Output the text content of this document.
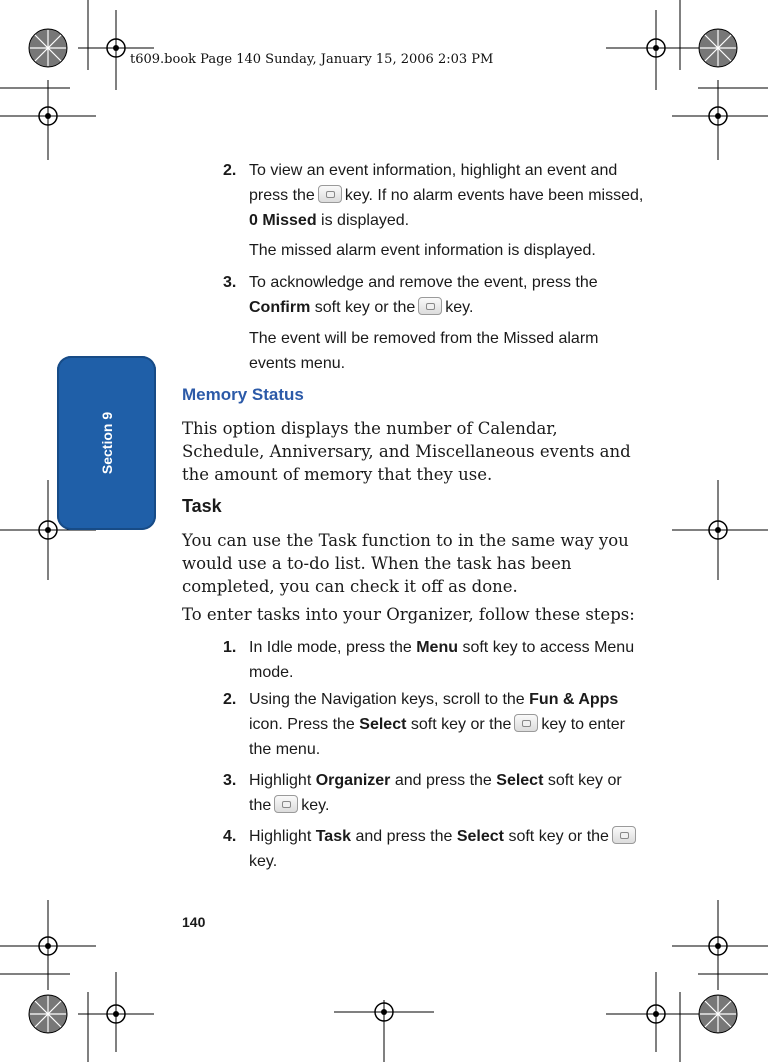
t609.book Page 140 Sunday, January 15, 2006 2:03 PM
Section 9
2. To view an event information, highlight an event and press the key. If no alarm events have been missed, 0 Missed is displayed.
The missed alarm event information is displayed.
3. To acknowledge and remove the event, press the Confirm soft key or the key.
The event will be removed from the Missed alarm events menu.
Memory Status
This option displays the number of Calendar, Schedule, Anniversary, and Miscellaneous events and the amount of memory that they use.
Task
You can use the Task function to in the same way you would use a to-do list. When the task has been completed, you can check it off as done.
To enter tasks into your Organizer, follow these steps:
1. In Idle mode, press the Menu soft key to access Menu mode.
2. Using the Navigation keys, scroll to the Fun & Apps icon. Press the Select soft key or the key to enter the menu.
3. Highlight Organizer and press the Select soft key or the key.
4. Highlight Task and press the Select soft key or thekey.
140
